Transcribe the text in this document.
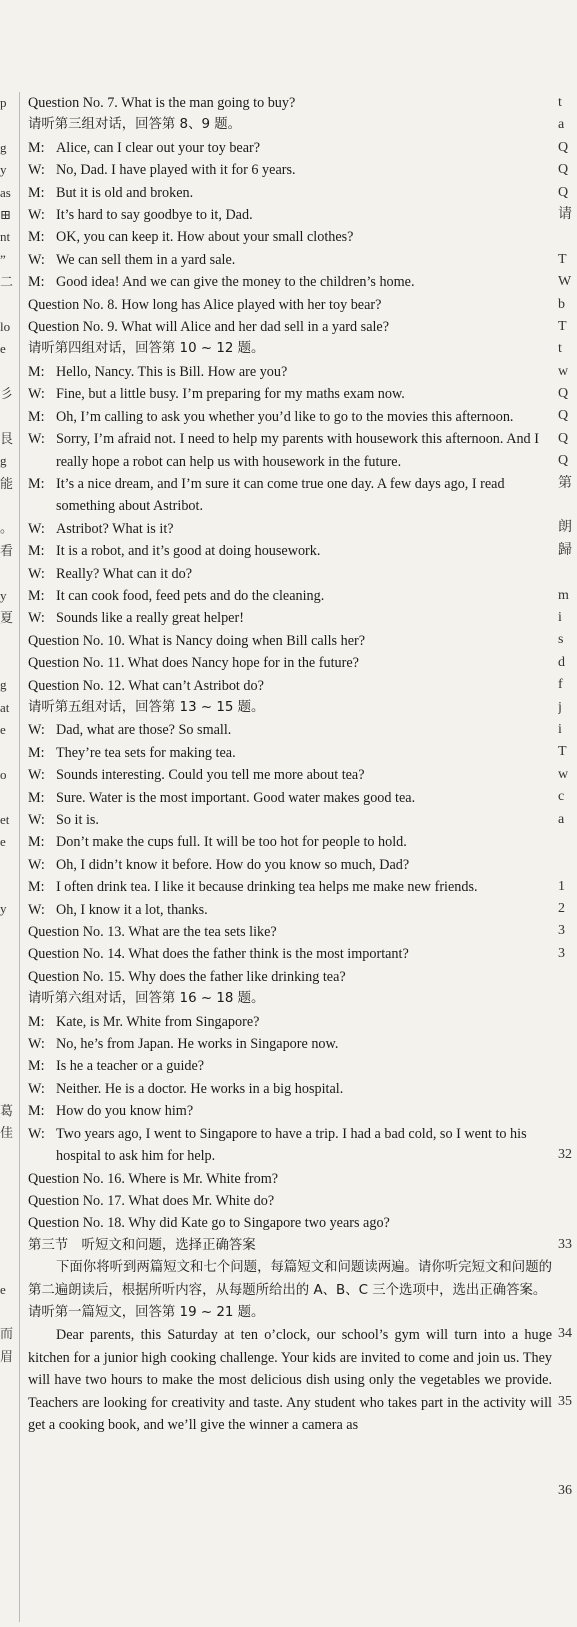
p
g
y
as
⊞
nt
”
二
lo
e
彡
艮
g
能
。
看
y
夏
g
at
e
o
et
e
y
葛
佳
e
而
眉
t
a
Q
Q
Q
请
T
W
b
T
t
w
Q
Q
Q
Q
第
朗
歸
m
i
s
d
f
j
i
T
w
c
a
1
2
3
3
32
33
34
35
36
Question No. 7. What is the man going to buy?
请听第三组对话，回答第 8、9 题。
M: Alice, can I clear out your toy bear?
W: No, Dad. I have played with it for 6 years.
M: But it is old and broken.
W: It’s hard to say goodbye to it, Dad.
M: OK, you can keep it. How about your small clothes?
W: We can sell them in a yard sale.
M: Good idea! And we can give the money to the children’s home.
Question No. 8. How long has Alice played with her toy bear?
Question No. 9. What will Alice and her dad sell in a yard sale?
请听第四组对话，回答第 10 ~ 12 题。
M: Hello, Nancy. This is Bill. How are you?
W: Fine, but a little busy. I’m preparing for my maths exam now.
M: Oh, I’m calling to ask you whether you’d like to go to the movies this afternoon.
W: Sorry, I’m afraid not. I need to help my parents with housework this afternoon. And I really hope a robot can help us with housework in the future.
M: It’s a nice dream, and I’m sure it can come true one day. A few days ago, I read something about Astribot.
W: Astribot? What is it?
M: It is a robot, and it’s good at doing housework.
W: Really? What can it do?
M: It can cook food, feed pets and do the cleaning.
W: Sounds like a really great helper!
Question No. 10. What is Nancy doing when Bill calls her?
Question No. 11. What does Nancy hope for in the future?
Question No. 12. What can’t Astribot do?
请听第五组对话，回答第 13 ~ 15 题。
W: Dad, what are those? So small.
M: They’re tea sets for making tea.
W: Sounds interesting. Could you tell me more about tea?
M: Sure. Water is the most important. Good water makes good tea.
W: So it is.
M: Don’t make the cups full. It will be too hot for people to hold.
W: Oh, I didn’t know it before. How do you know so much, Dad?
M: I often drink tea. I like it because drinking tea helps me make new friends.
W: Oh, I know it a lot, thanks.
Question No. 13. What are the tea sets like?
Question No. 14. What does the father think is the most important?
Question No. 15. Why does the father like drinking tea?
请听第六组对话，回答第 16 ~ 18 题。
M: Kate, is Mr. White from Singapore?
W: No, he’s from Japan. He works in Singapore now.
M: Is he a teacher or a guide?
W: Neither. He is a doctor. He works in a big hospital.
M: How do you know him?
W: Two years ago, I went to Singapore to have a trip. I had a bad cold, so I went to his hospital to ask him for help.
Question No. 16. Where is Mr. White from?
Question No. 17. What does Mr. White do?
Question No. 18. Why did Kate go to Singapore two years ago?
第三节　听短文和问题，选择正确答案
下面你将听到两篇短文和七个问题，每篇短文和问题读两遍。请你听完短文和问题的第二遍朗读后，根据所听内容，从每题所给出的 A、B、C 三个选项中，选出正确答案。
请听第一篇短文，回答第 19 ~ 21 题。
Dear parents, this Saturday at ten o’clock, our school’s gym will turn into a huge kitchen for a junior high cooking challenge. Your kids are invited to come and join us. They will have two hours to make the most delicious dish using only the vegetables we provide. Teachers are looking for creativity and taste. Any student who takes part in the activity will get a cooking book, and we’ll give the winner a camera as
